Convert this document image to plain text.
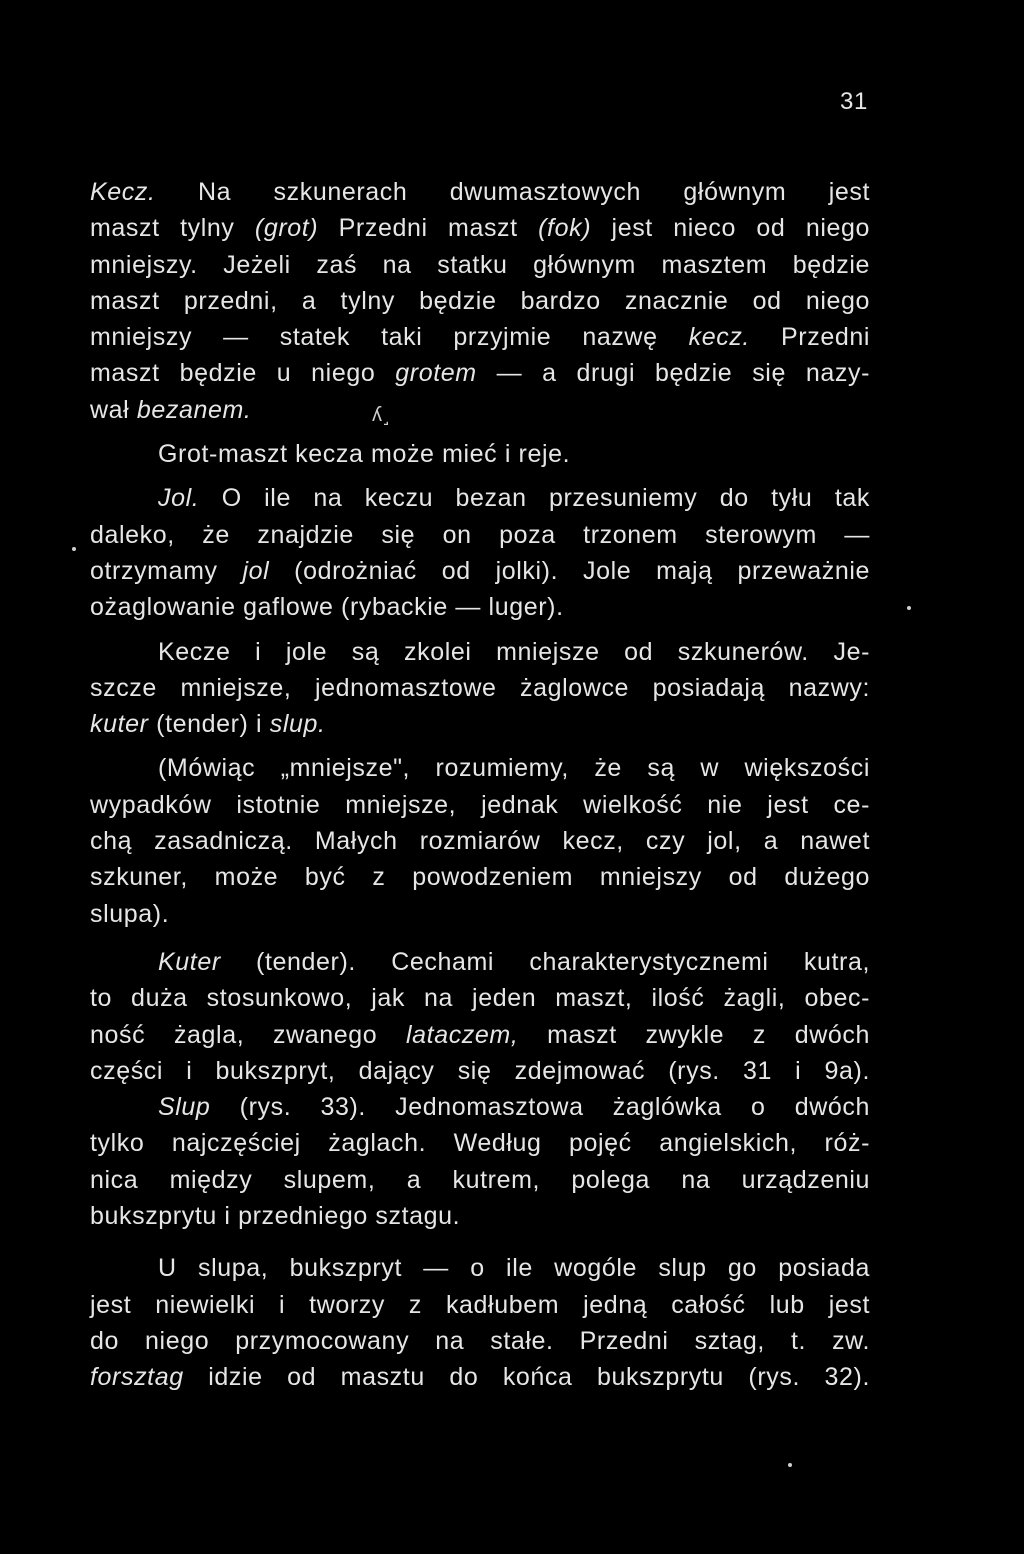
31
Kecz. Na szkunerach dwumasztowych głównym jest
maszt tylny (grot) Przedni maszt (fok) jest nieco od niego
mniejszy. Jeżeli zaś na statku głównym masztem będzie
maszt przedni, a tylny będzie bardzo znacznie od niego
mniejszy — statek taki przyjmie nazwę kecz. Przedni
maszt będzie u niego grotem — a drugi będzie się nazy-
wał bezanem.
Grot-maszt kecza może mieć i reje.
Jol. O ile na keczu bezan przesuniemy do tyłu tak
daleko, że znajdzie się on poza trzonem sterowym —
otrzymamy jol (odrożniać od jolki). Jole mają przeważnie
ożaglowanie gaflowe (rybackie — luger).
Kecze i jole są zkolei mniejsze od szkunerów. Je-
szcze mniejsze, jednomasztowe żaglowce posiadają nazwy:
kuter (tender) i slup.
(Mówiąc „mniejsze", rozumiemy, że są w większości
wypadków istotnie mniejsze, jednak wielkość nie jest ce-
chą zasadniczą. Małych rozmiarów kecz, czy jol, a nawet
szkuner, może być z powodzeniem mniejszy od dużego
slupa).
Kuter (tender). Cechami charakterystycznemi kutra,
to duża stosunkowo, jak na jeden maszt, ilość żagli, obec-
ność żagla, zwanego lataczem, maszt zwykle z dwóch
części i bukszpryt, dający się zdejmować (rys. 31 i 9a).
Slup (rys. 33). Jednomasztowa żaglówka o dwóch
tylko najczęściej żaglach. Według pojęć angielskich, róż-
nica między slupem, a kutrem, polega na urządzeniu
bukszprytu i przedniego sztagu.
U slupa, bukszpryt — o ile wogóle slup go posiada
jest niewielki i tworzy z kadłubem jedną całość lub jest
do niego przymocowany na stałe. Przedni sztag, t. zw.
forsztag idzie od masztu do końca bukszprytu (rys. 32).
ʎ˼
